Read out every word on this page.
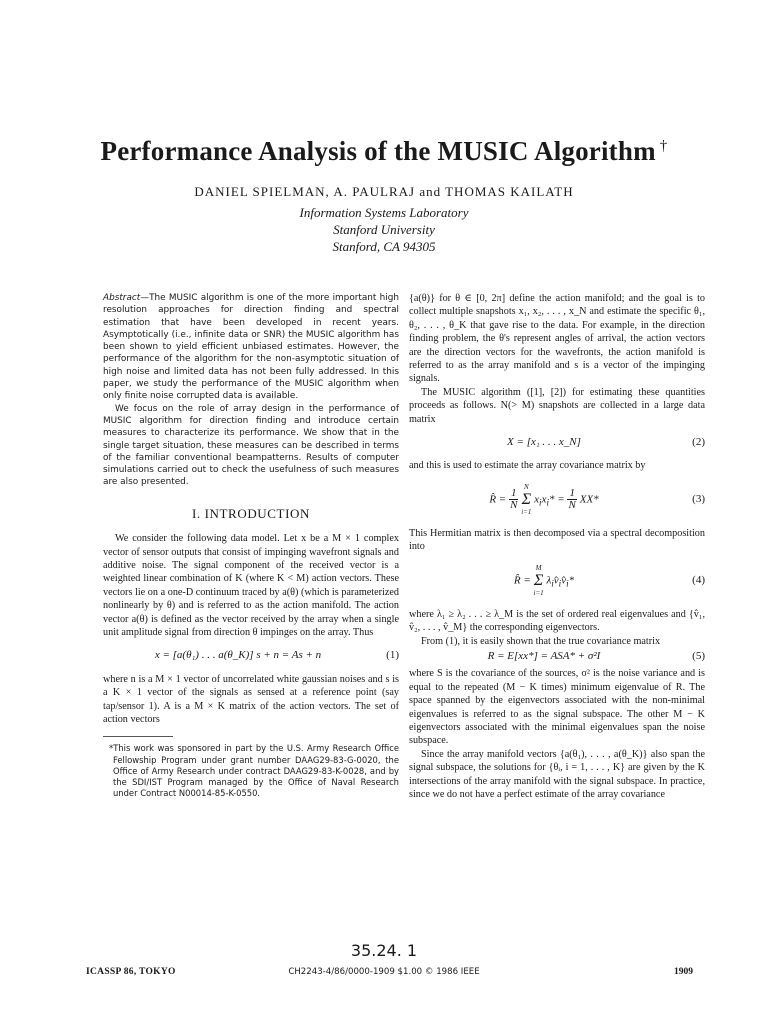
Performance Analysis of the MUSIC Algorithm †
DANIEL SPIELMAN, A. PAULRAJ and THOMAS KAILATH
Information Systems Laboratory
Stanford University
Stanford, CA 94305

Abstract—The MUSIC algorithm is one of the more important high resolution approaches for direction finding and spectral estimation that have been developed in recent years. Asymptotically (i.e., infinite data or SNR) the MUSIC algorithm has been shown to yield efficient unbiased estimates. However, the performance of the algorithm for the non-asymptotic situation of high noise and limited data has not been fully addressed. In this paper, we study the performance of the MUSIC algorithm when only finite noise corrupted data is available.

We focus on the role of array design in the performance of MUSIC algorithm for direction finding and introduce certain measures to characterize its performance. We show that in the single target situation, these measures can be described in terms of the familiar conventional beampatterns. Results of computer simulations carried out to check the usefulness of such measures are also presented.

I. INTRODUCTION

We consider the following data model. Let x be a M × 1 complex vector of sensor outputs that consist of impinging wavefront signals and additive noise. The signal component of the received vector is a weighted linear combination of K (where K < M) action vectors. These vectors lie on a one-D continuum traced by a(θ) (which is parameterized nonlinearly by θ) and is referred to as the action manifold. The action vector a(θ) is defined as the vector received by the array when a single unit amplitude signal from direction θ impinges on the array. Thus

x = [a(θ₁) . . . a(θ_K)] s + n = As + n	(1)

where n is a M × 1 vector of uncorrelated white gaussian noises and s is a K × 1 vector of the signals as sensed at a reference point (say tap/sensor 1). A is a M × K matrix of the action vectors. The set of action vectors

*This work was sponsored in part by the U.S. Army Research Office Fellowship Program under grant number DAAG29-83-G-0020, the Office of Army Research under contract DAAG29-83-K-0028, and by the SDI/IST Program managed by the Office of Naval Research under Contract N00014-85-K-0550.

{a(θ)} for θ ∈ [0, 2π] define the action manifold; and the goal is to collect multiple snapshots x₁, x₂, . . . , x_N and estimate the specific θ₁, θ₂, . . . , θ_K that gave rise to the data. For example, in the direction finding problem, the θ's represent angles of arrival, the action vectors are the direction vectors for the wavefronts, the action manifold is referred to as the array manifold and s is a vector of the impinging signals.

The MUSIC algorithm ([1], [2]) for estimating these quantities proceeds as follows. N(> M) snapshots are collected in a large data matrix

X = [x₁ . . . x_N]	(2)

and this is used to estimate the array covariance matrix by

R̂ = $\frac{1}{N}$

N
Σ
i=1
$x_ix_i* = \frac{1}{N} XX*$	(3)

This Hermitian matrix is then decomposed via a spectral decomposition into

R̂ =
M
Σ
i=1
$\lambda_iv̂_iv̂_i*$	(4)

where λ₁ ≥ λ₂ . . . ≥ λ_M is the set of ordered real eigenvalues and {v̂₁, v̂₂, . . . , v̂_M} the corresponding eigenvectors.

From (1), it is easily shown that the true covariance matrix

R = E[xx*] = ASA* + σ²I	(5)

where S is the covariance of the sources, σ² is the noise variance and is equal to the repeated (M − K times) minimum eigenvalue of R. The space spanned by the eigenvectors associated with the non-minimal eigenvalues is referred to as the signal subspace. The other M − K eigenvectors associated with the minimal eigenvalues span the noise subspace.

Since the array manifold vectors {a(θ₁), . . . , a(θ_K)} also span the signal subspace, the solutions for {θᵢ, i = 1, . . . , K} are given by the K intersections of the array manifold with the signal subspace. In practice, since we do not have a perfect estimate of the array covariance

35.24. 1
ICASSP 86, TOKYO	CH2243-4/86/0000-1909 $1.00 © 1986 IEEE	1909
